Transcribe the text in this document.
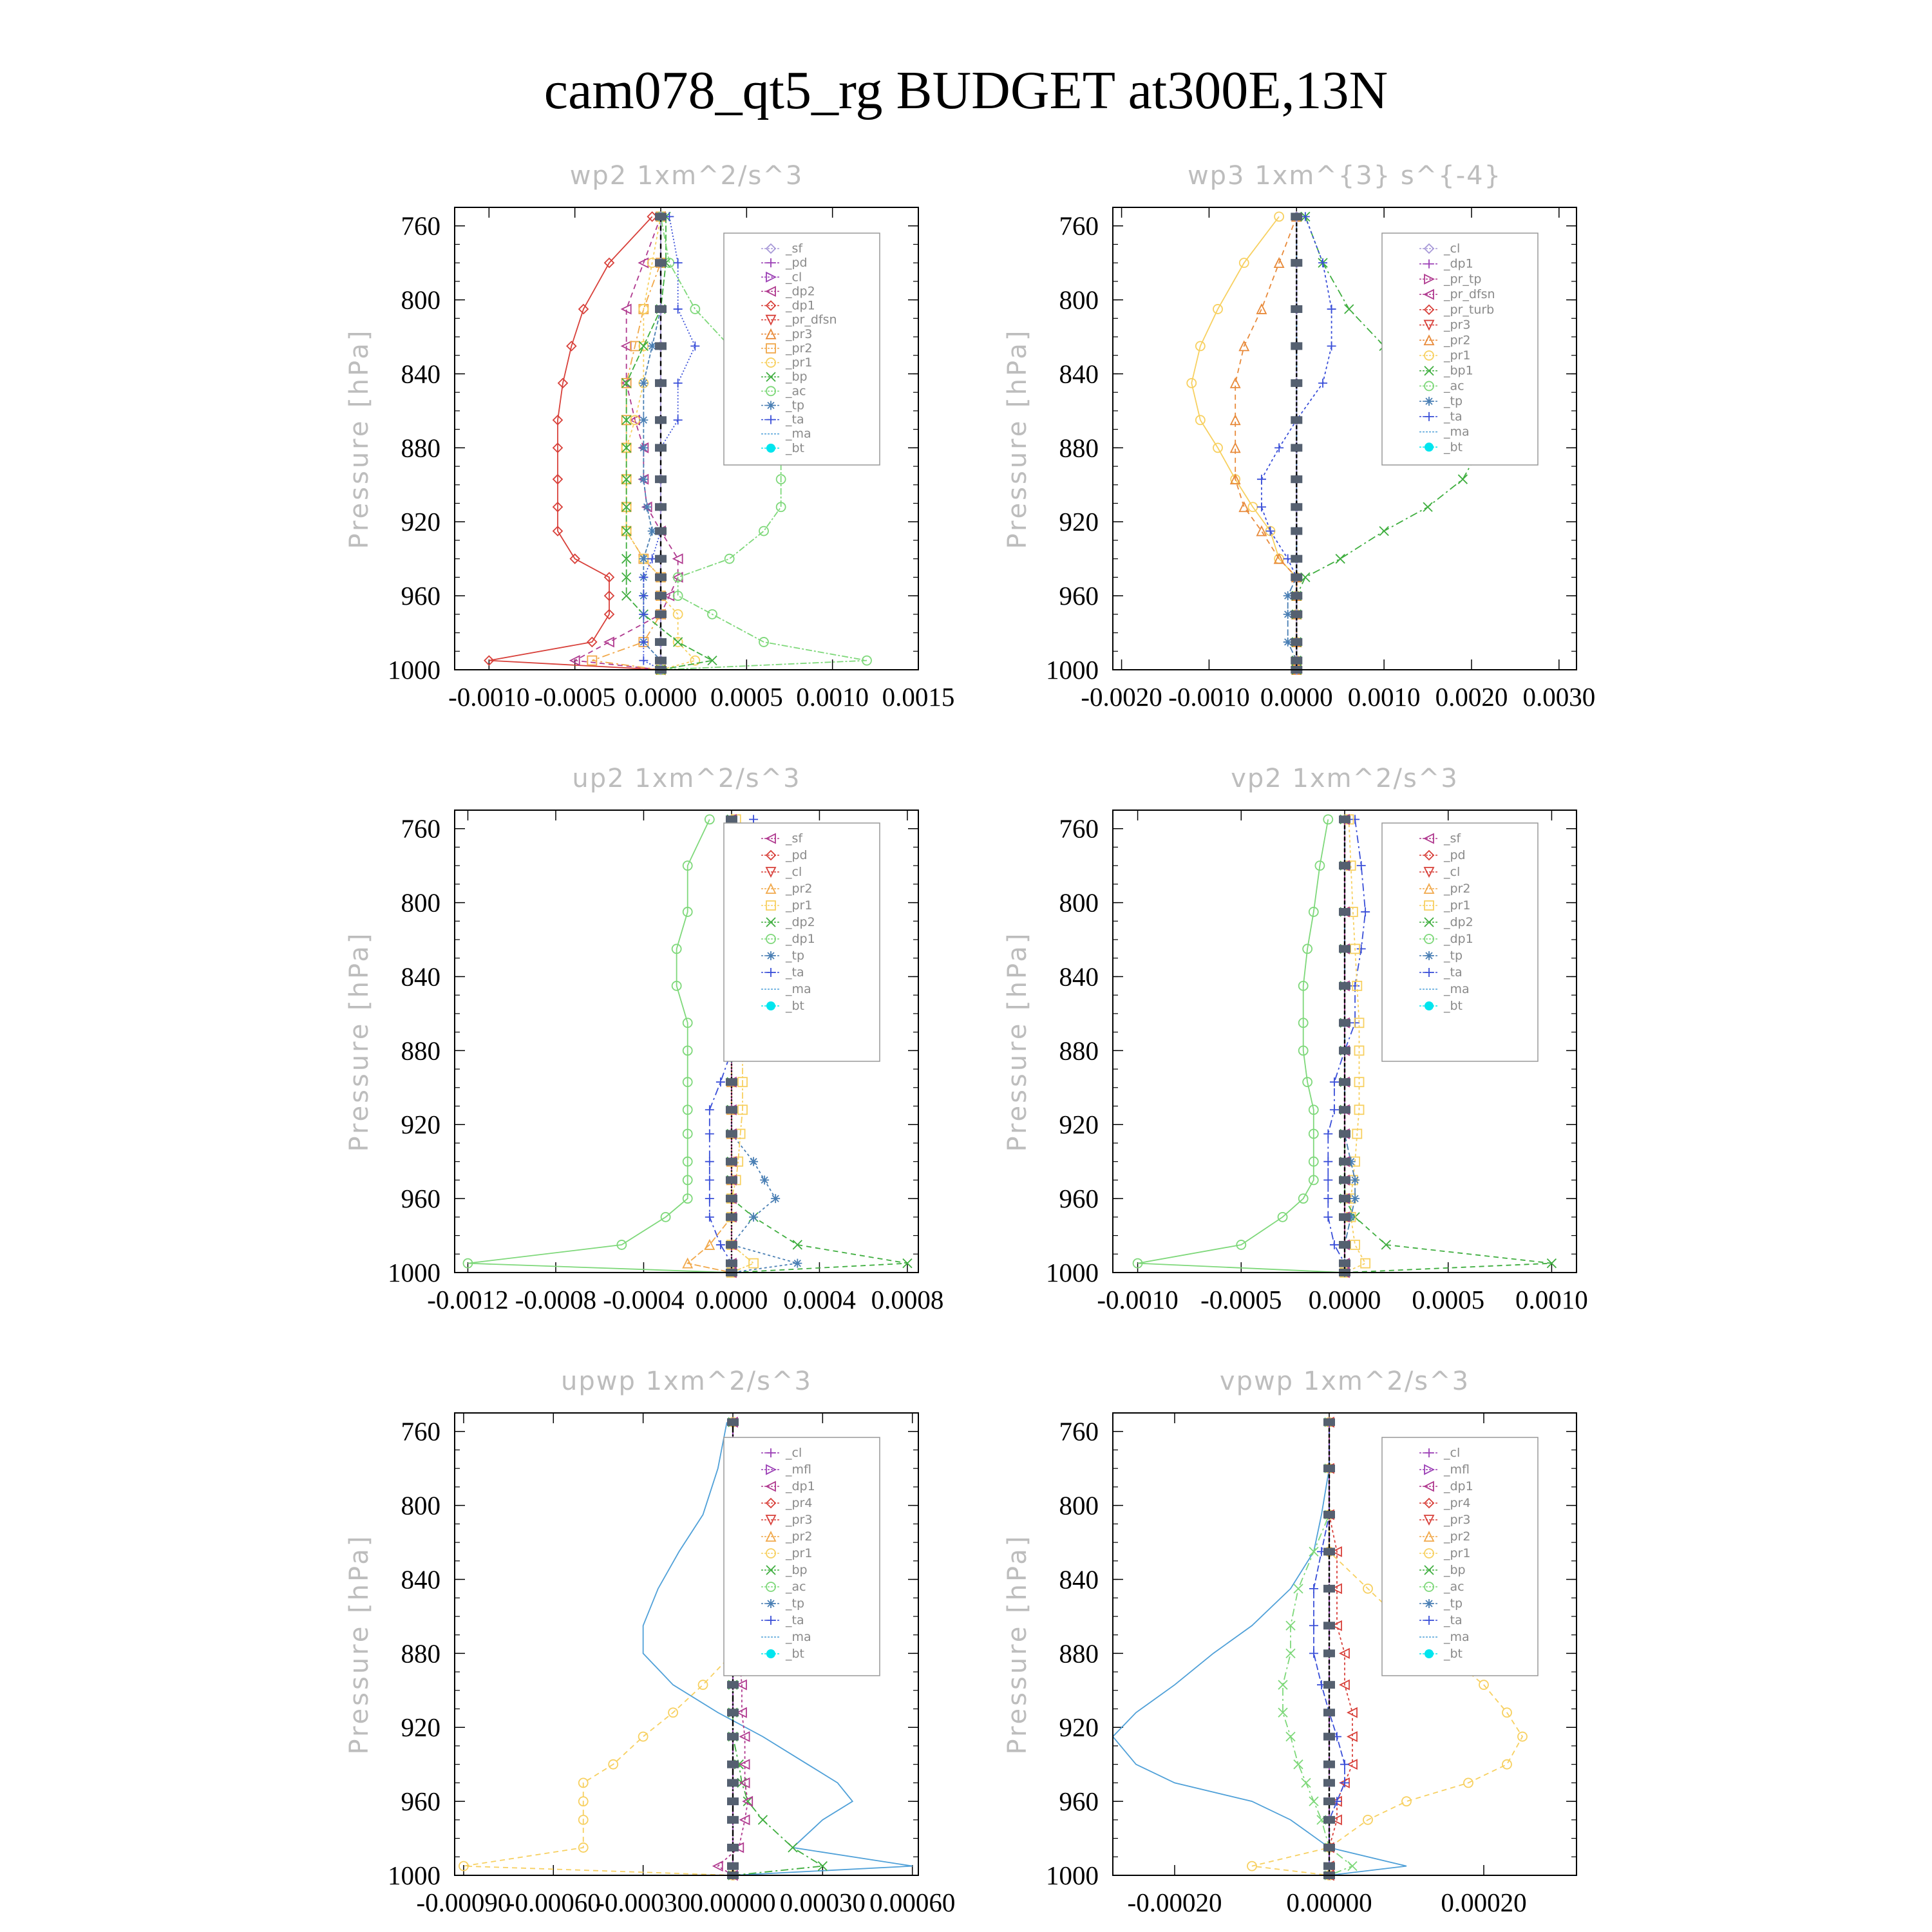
cam078_qt5_rg BUDGET at300E,13N
wp2 1xm^2/s^3
Pressure [hPa]
760
800
840
880
920
960
1000
-0.0010 -0.0005 0.0000 0.0005 0.0010 0.0015
_sf
_pd
_cl
_dp2
_dp1
_pr_dfsn
_pr3
_pr2
_pr1
_bp
_ac
_tp
_ta
_ma
_bt
wp3 1xm^{3} s^{-4}
Pressure [hPa]
760
800
840
880
920
960
1000
-0.0020 -0.0010 0.0000 0.0010 0.0020 0.0030
_cl
_dp1
_pr_tp
_pr_dfsn
_pr_turb
_pr3
_pr2
_pr1
_bp1
_ac
_tp
_ta
_ma
_bt
up2 1xm^2/s^3
Pressure [hPa]
760
800
840
880
920
960
1000
-0.0012 -0.0008 -0.0004 0.0000 0.0004 0.0008
_sf
_pd
_cl
_pr2
_pr1
_dp2
_dp1
_tp
_ta
_ma
_bt
vp2 1xm^2/s^3
Pressure [hPa]
760
800
840
880
920
960
1000
-0.0010 -0.0005 0.0000 0.0005 0.0010
_sf
_pd
_cl
_pr2
_pr1
_dp2
_dp1
_tp
_ta
_ma
_bt
upwp 1xm^2/s^3
Pressure [hPa]
760
800
840
880
920
960
1000
-0.00090
-0.00060
-0.00030 0.00000 0.00030 0.00060
_cl
_mfl
_dp1
_pr4
_pr3
_pr2
_pr1
_bp
_ac
_tp
_ta
_ma
_bt
vpwp 1xm^2/s^3
Pressure [hPa]
760
800
840
880
920
960
1000
-0.00020 0.00000	0.00020
_cl
_mfl
_dp1
_pr4
_pr3
_pr2
_pr1
_bp
_ac
_tp
_ta
_ma
_bt
